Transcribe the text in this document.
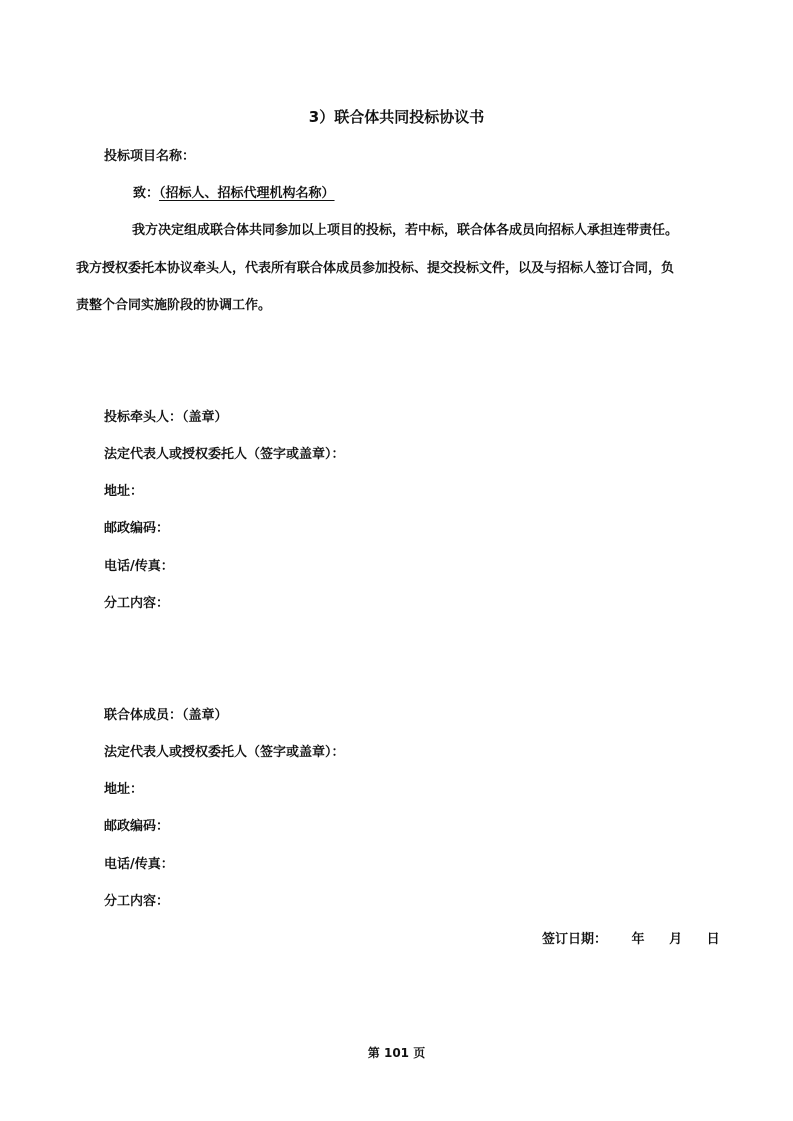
3）联合体共同投标协议书
投标项目名称：
致：（招标人、招标代理机构名称）
我方决定组成联合体共同参加以上项目的投标，若中标，联合体各成员向招标人承担连带责任。
我方授权委托本协议牵头人，代表所有联合体成员参加投标、提交投标文件，以及与招标人签订合同，负
责整个合同实施阶段的协调工作。
投标牵头人：（盖章）
法定代表人或授权委托人（签字或盖章）：
地址：
邮政编码：
电话/传真：
分工内容：
联合体成员：（盖章）
法定代表人或授权委托人（签字或盖章）：
地址：
邮政编码：
电话/传真：
分工内容：
签订日期： 年 月 日
第 101 页
